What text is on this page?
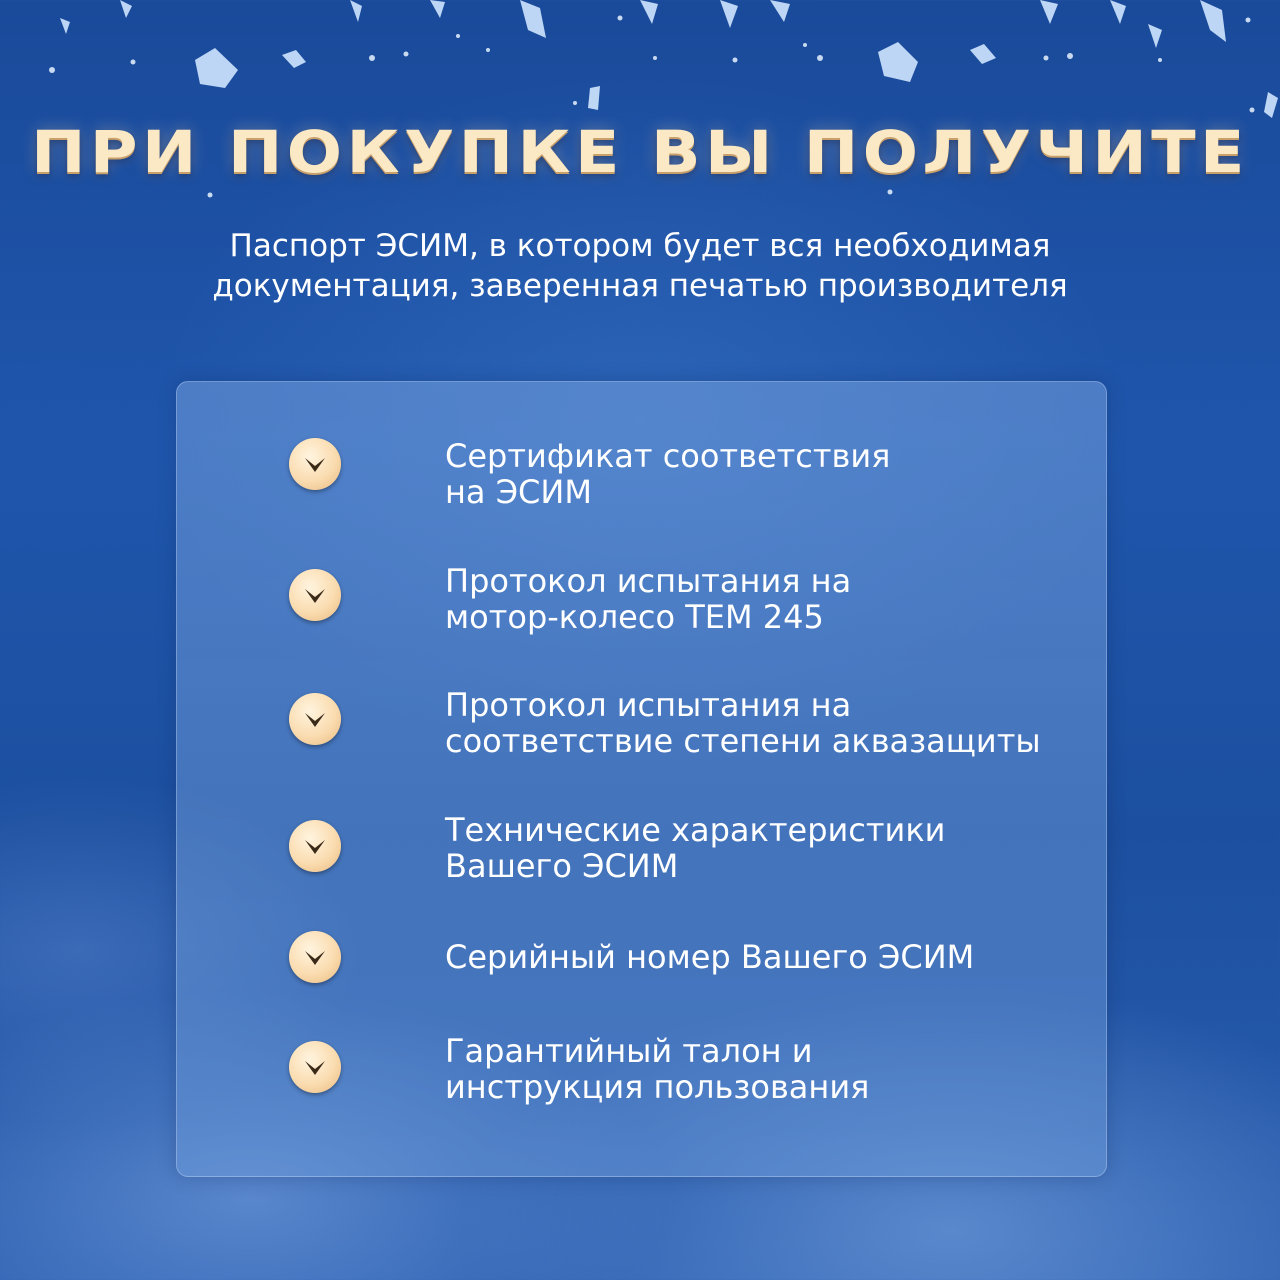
ПРИ ПОКУПКЕ ВЫ ПОЛУЧИТЕ
Паспорт ЭСИМ, в котором будет вся необходимая
документация, заверенная печатью производителя
Сертификат соответствия
на ЭСИМ
Протокол испытания на
мотор-колесо ТЕМ 245
Протокол испытания на
соответствие степени аквазащиты
Технические характеристики
Вашего ЭСИМ
Серийный номер Вашего ЭСИМ
Гарантийный талон и
инструкция пользования
